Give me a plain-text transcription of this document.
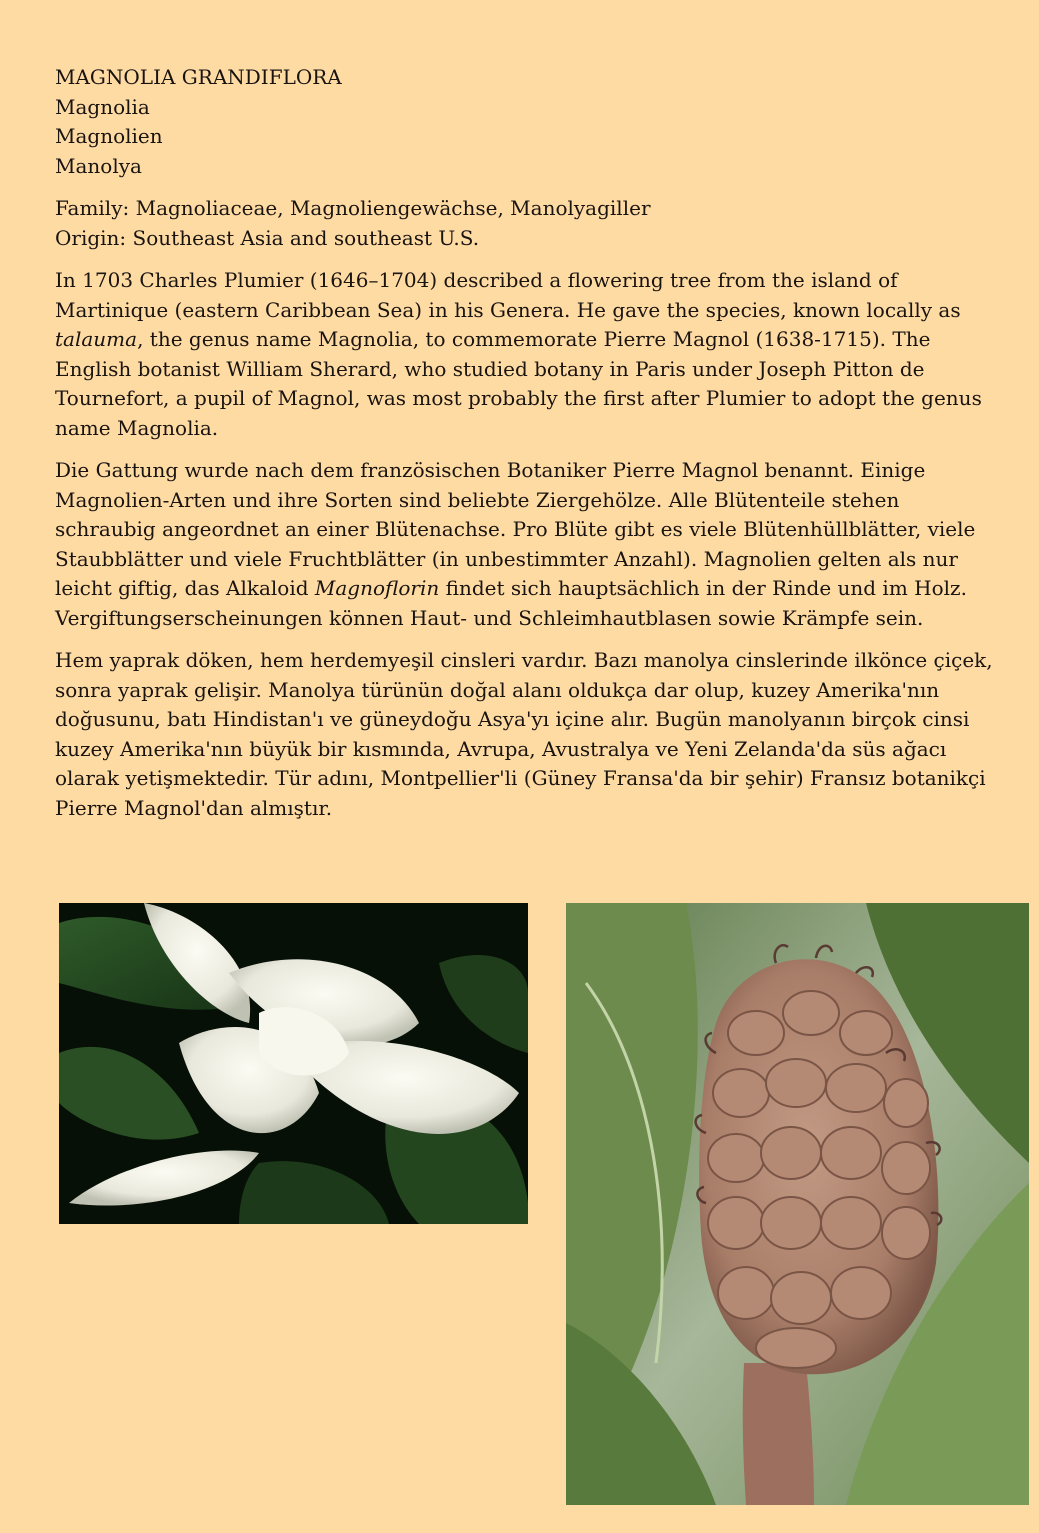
MAGNOLIA GRANDIFLORA
Magnolia
Magnolien
Manolya
Family: Magnoliaceae, Magnoliengewächse, Manolyagiller
Origin: Southeast Asia and southeast U.S.

In 1703 Charles Plumier (1646–1704) described a flowering tree from the island of Martinique (eastern Caribbean Sea) in his Genera. He gave the species, known locally as talauma, the genus name Magnolia, to commemorate Pierre Magnol (1638-1715). The English botanist William Sherard, who studied botany in Paris under Joseph Pitton de Tournefort, a pupil of Magnol, was most probably the first after Plumier to adopt the genus name Magnolia.

Die Gattung wurde nach dem französischen Botaniker Pierre Magnol benannt. Einige Magnolien-Arten und ihre Sorten sind beliebte Ziergehölze. Alle Blütenteile stehen schraubig angeordnet an einer Blütenachse. Pro Blüte gibt es viele Blütenhüllblätter, viele Staubblätter und viele Fruchtblätter (in unbestimmter Anzahl). Magnolien gelten als nur leicht giftig, das Alkaloid Magnoflorin findet sich hauptsächlich in der Rinde und im Holz. Vergiftungserscheinungen können Haut- und Schleimhautblasen sowie Krämpfe sein.

Hem yaprak döken, hem herdemyeşil cinsleri vardır. Bazı manolya cinslerinde ilkönce çiçek, sonra yaprak gelişir. Manolya türünün doğal alanı oldukça dar olup, kuzey Amerika'nın doğusunu, batı Hindistan'ı ve güneydoğu Asya'yı içine alır. Bugün manolyanın birçok cinsi kuzey Amerika'nın büyük bir kısmında, Avrupa, Avustralya ve Yeni Zelanda'da süs ağacı olarak yetişmektedir. Tür adını, Montpellier'li (Güney Fransa'da bir şehir) Fransız botanikçi Pierre Magnol'dan almıştır.
